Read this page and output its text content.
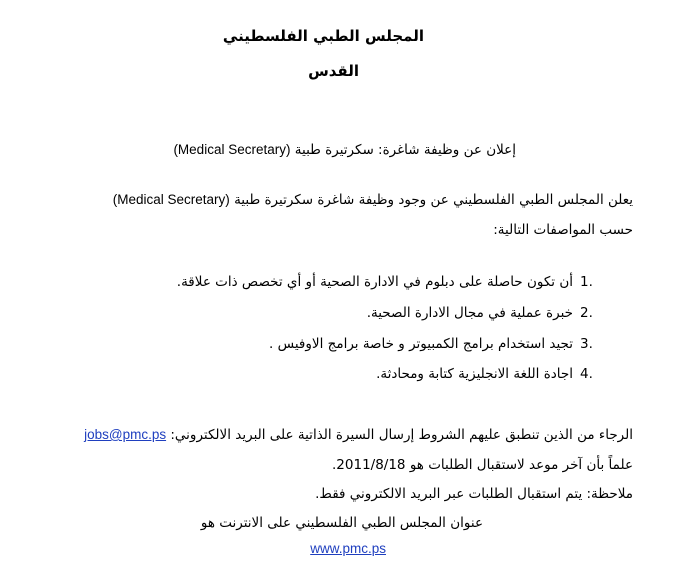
المجلس الطبي الفلسطيني
القدس
إعلان عن وظيفة شاغرة: سكرتيرة طبية (Medical Secretary)
يعلن المجلس الطبي الفلسطيني عن وجود وظيفة شاغرة سكرتيرة طبية (Medical Secretary)
حسب المواصفات التالية:
1.
أن تكون حاصلة على دبلوم في الادارة الصحية أو أي تخصص ذات علاقة.
2.
خبرة عملية في مجال الادارة الصحية.
3.
تجيد استخدام برامج الكمبيوتر و خاصة برامج الاوفيس .
4.
اجادة اللغة الانجليزية كتابة ومحادثة.
الرجاء من الذين تنطبق عليهم الشروط إرسال السيرة الذاتية على البريد الالكتروني: jobs@pmc.ps
علماً بأن آخر موعد لاستقبال الطلبات هو 2011/8/18.
ملاحظة: يتم استقبال الطلبات عبر البريد الالكتروني فقط.
عنوان المجلس الطبي الفلسطيني على الانترنت هو
www.pmc.ps
